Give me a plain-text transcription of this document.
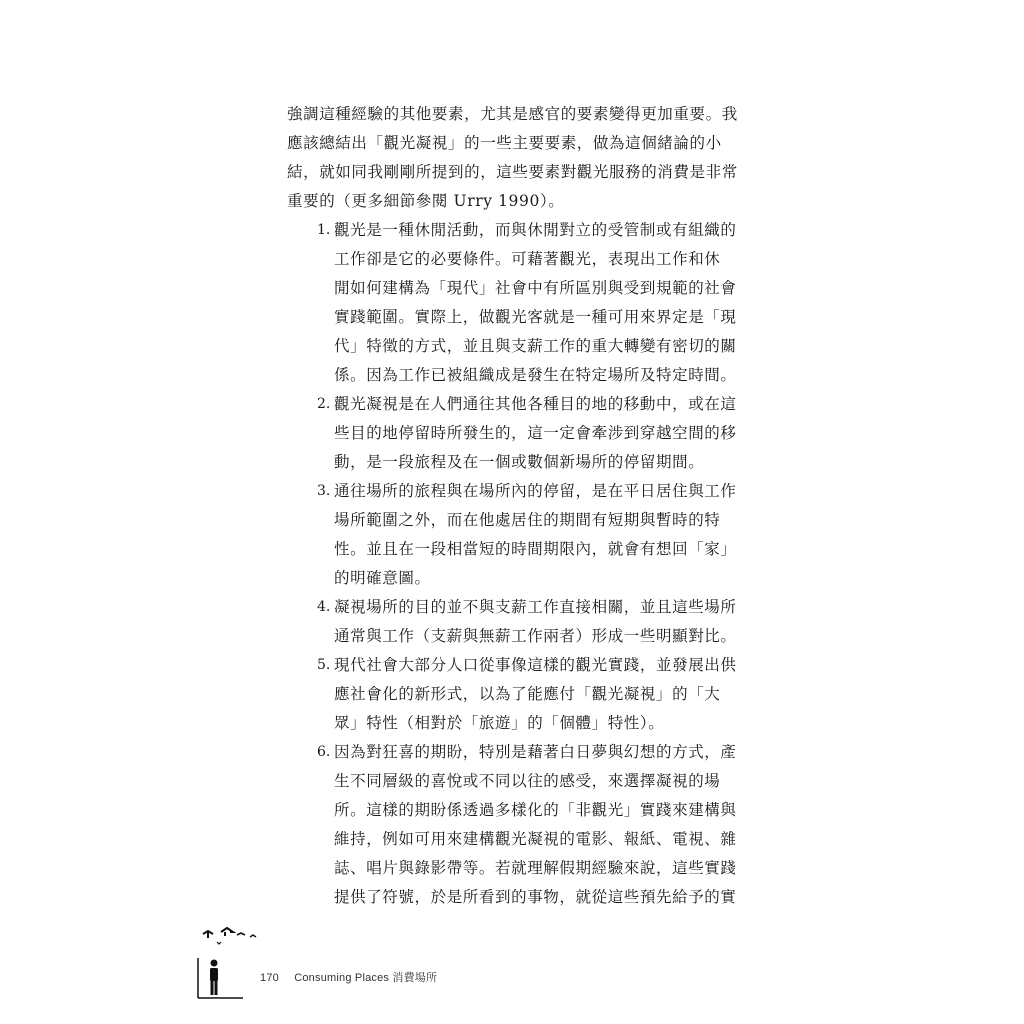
強調這種經驗的其他要素，尤其是感官的要素變得更加重要。我
應該總結出「觀光凝視」的一些主要要素，做為這個緒論的小
結，就如同我剛剛所提到的，這些要素對觀光服務的消費是非常
重要的（更多細節參閱 Urry 1990）。
1. 觀光是一種休閒活動，而與休閒對立的受管制或有組織的
工作卻是它的必要條件。可藉著觀光，表現出工作和休
閒如何建構為「現代」社會中有所區別與受到規範的社會
實踐範圍。實際上，做觀光客就是一種可用來界定是「現
代」特徵的方式，並且與支薪工作的重大轉變有密切的關
係。因為工作已被組織成是發生在特定場所及特定時間。
2. 觀光凝視是在人們通往其他各種目的地的移動中，或在這
些目的地停留時所發生的，這一定會牽涉到穿越空間的移
動，是一段旅程及在一個或數個新場所的停留期間。
3. 通往場所的旅程與在場所內的停留，是在平日居住與工作
場所範圍之外，而在他處居住的期間有短期與暫時的特
性。並且在一段相當短的時間期限內，就會有想回「家」
的明確意圖。
4. 凝視場所的目的並不與支薪工作直接相關，並且這些場所
通常與工作（支薪與無薪工作兩者）形成一些明顯對比。
5. 現代社會大部分人口從事像這樣的觀光實踐，並發展出供
應社會化的新形式，以為了能應付「觀光凝視」的「大
眾」特性（相對於「旅遊」的「個體」特性）。
6. 因為對狂喜的期盼，特別是藉著白日夢與幻想的方式，產
生不同層級的喜悅或不同以往的感受，來選擇凝視的場
所。這樣的期盼係透過多樣化的「非觀光」實踐來建構與
維持，例如可用來建構觀光凝視的電影、報紙、電視、雜
誌、唱片與錄影帶等。若就理解假期經驗來說，這些實踐
提供了符號，於是所看到的事物，就從這些預先給予的實
170 Consuming Places 消費場所
